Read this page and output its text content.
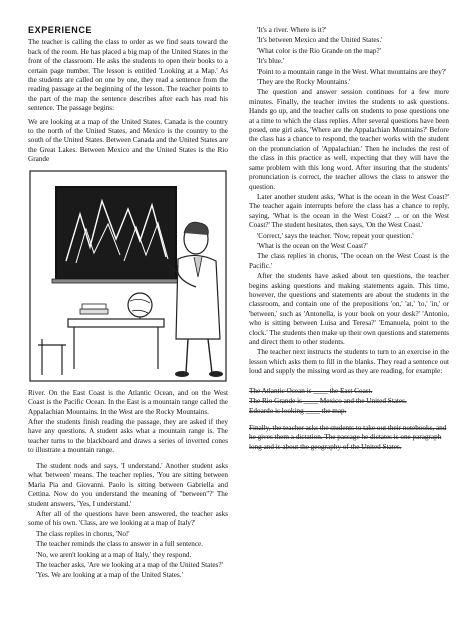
EXPERIENCE

The teacher is calling the class to order as we find seats toward the back of the room. He has placed a big map of the United States in the front of the classroom. He asks the students to open their books to a certain page number. The lesson is entitled 'Looking at a Map.' As the students are called on one by one, they read a sentence from the reading passage at the beginning of the lesson. The teacher points to the part of the map the sentence describes after each has read his sentence. The passage begins:

We are looking at a map of the United States. Canada is the country to the north of the United States, and Mexico is the country to the south of the United States. Between Canada and the United States are the Great Lakes. Between Mexico and the United States is the Rio Grande

River. On the East Coast is the Atlantic Ocean, and on the West Coast is the Pacific Ocean. In the East is a mountain range called the Appalachian Mountains. In the West are the Rocky Mountains.

After the students finish reading the passage, they are asked if they have any questions. A student asks what a mountain range is. The teacher turns to the blackboard and draws a series of inverted cones to illustrate a mountain range.

The student nods and says, 'I understand.' Another student asks what 'between' means. The teacher replies, 'You are sitting between Maria Pia and Giovanni. Paolo is sitting between Gabriella and Cettina. Now do you understand the meaning of "between"?' The student answers, 'Yes, I understand.'

After all of the questions have been answered, the teacher asks some of his own. 'Class, are we looking at a map of Italy?'

The class replies in chorus, 'No!'

The teacher reminds the class to answer in a full sentence.

'No, we aren't looking at a map of Italy,' they respond.

The teacher asks, 'Are we looking at a map of the United States?'

'Yes. We are looking at a map of the United States.'

'It's a river. Where is it?'

'It's between Mexico and the United States.'

'What color is the Rio Grande on the map?'

'It's blue.'

'Point to a mountain range in the West. What mountains are they?'

'They are the Rocky Mountains.'

The question and answer session continues for a few more minutes. Finally, the teacher invites the students to ask questions. Hands go up, and the teacher calls on students to pose questions one at a time to which the class replies. After several questions have been posed, one girl asks, 'Where are the Appalachian Mountains?' Before the class has a chance to respond, the teacher works with the student on the pronunciation of 'Appalachian.' Then he includes the rest of the class in this practice as well, expecting that they will have the same problem with this long word. After insuring that the students' pronunciation is correct, the teacher allows the class to answer the question.

Later another student asks, 'What is the ocean in the West Coast?' The teacher again interrupts before the class has a chance to reply, saying, 'What is the ocean in the West Coast? ... or on the West Coast?' The student hesitates, then says, 'On the West Coast.'

'Correct,' says the teacher. 'Now, repeat your question.'

'What is the ocean on the West Coast?'

The class replies in chorus, 'The ocean on the West Coast is the Pacific.'

After the students have asked about ten questions, the teacher begins asking questions and making statements again. This time, however, the questions and statements are about the students in the classroom, and contain one of the prepositions 'on,' 'at,' 'to,' 'in,' or 'between,' such as 'Antonella, is your book on your desk?' 'Antonio, who is sitting between Luisa and Teresa?' 'Emanuela, point to the clock.' The students then make up their own questions and statements and direct them to other students.

The teacher next instructs the students to turn to an exercise in the lesson which asks them to fill in the blanks. They read a sentence out loud and supply the missing word as they are reading, for example:

The Atlantic Ocean is ____ the East Coast.

The Rio Grande is ____ Mexico and the United States.

Edoardo is looking ____ the map.

Finally, the teacher asks the students to take out their notebooks, and he gives them a dictation. The passage he dictates is one paragraph long and is about the geography of the United States.
